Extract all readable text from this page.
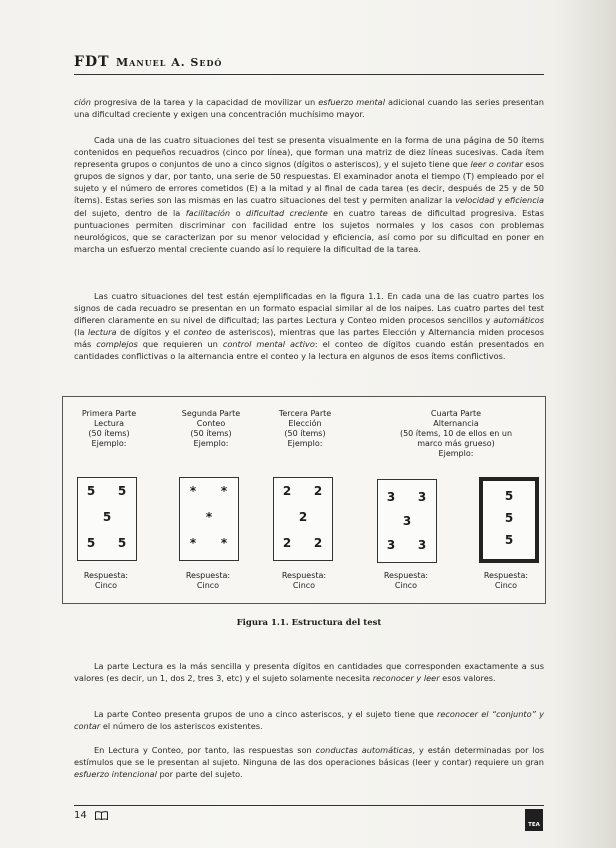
FDT Manuel A. Sedó

ción progresiva de la tarea y la capacidad de movilizar un esfuerzo mental adicional cuando las series presentan una dificultad creciente y exigen una concentración muchísimo mayor.

Cada una de las cuatro situaciones del test se presenta visualmente en la forma de una página de 50 ítems contenidos en pequeños recuadros (cinco por línea), que forman una matriz de diez líneas sucesivas. Cada ítem representa grupos o conjuntos de uno a cinco signos (dígitos o asteriscos), y el sujeto tiene que leer o contar esos grupos de signos y dar, por tanto, una serie de 50 respuestas. El examinador anota el tiempo (T) empleado por el sujeto y el número de errores cometidos (E) a la mitad y al final de cada tarea (es decir, después de 25 y de 50 ítems). Estas series son las mismas en las cuatro situaciones del test y permiten analizar la velocidad y eficiencia del sujeto, dentro de la facilitación o dificultad creciente en cuatro tareas de dificultad progresiva. Estas puntuaciones permiten discriminar con facilidad entre los sujetos normales y los casos con problemas neurológicos, que se caracterizan por su menor velocidad y eficiencia, así como por su dificultad en poner en marcha un esfuerzo mental creciente cuando así lo requiere la dificultad de la tarea.

Las cuatro situaciones del test están ejemplificadas en la figura 1.1. En cada una de las cuatro partes los signos de cada recuadro se presentan en un formato espacial similar al de los naipes. Las cuatro partes del test difieren claramente en su nivel de dificultad; las partes Lectura y Conteo miden procesos sencillos y automáticos (la lectura de dígitos y el conteo de asteriscos), mientras que las partes Elección y Alternancia miden procesos más complejos que requieren un control mental activo: el conteo de dígitos cuando están presentados en cantidades conflictivas o la alternancia entre el conteo y la lectura en algunos de esos ítems conflictivos.

Primera Parte
Lectura
(50 ítems)
Ejemplo:
5 5
5
5 5
Respuesta:
Cinco
Segunda Parte
Conteo
(50 ítems)
Ejemplo:
*	*
*
*	*
Respuesta:
Cinco
Tercera Parte
Elección
(50 ítems)
Ejemplo:
2 2
2
2 2
Respuesta:
Cinco
Cuarta Parte
Alternancia
(50 ítems, 10 de ellos en un
marco más grueso)
Ejemplo:
3 3
3
3 3
5
5
5
Respuesta:
Cinco
Respuesta:
Cinco
Figura 1.1. Estructura del test

La parte Lectura es la más sencilla y presenta dígitos en cantidades que corresponden exactamente a sus valores (es decir, un 1, dos 2, tres 3, etc) y el sujeto solamente necesita reconocer y leer esos valores.

La parte Conteo presenta grupos de uno a cinco asteriscos, y el sujeto tiene que reconocer el “conjunto” y contar el número de los asteriscos existentes.

En Lectura y Conteo, por tanto, las respuestas son conductas automáticas, y están determinadas por los estímulos que se le presentan al sujeto. Ninguna de las dos operaciones básicas (leer y contar) requiere un gran esfuerzo intencional por parte del sujeto.

14
TEA
